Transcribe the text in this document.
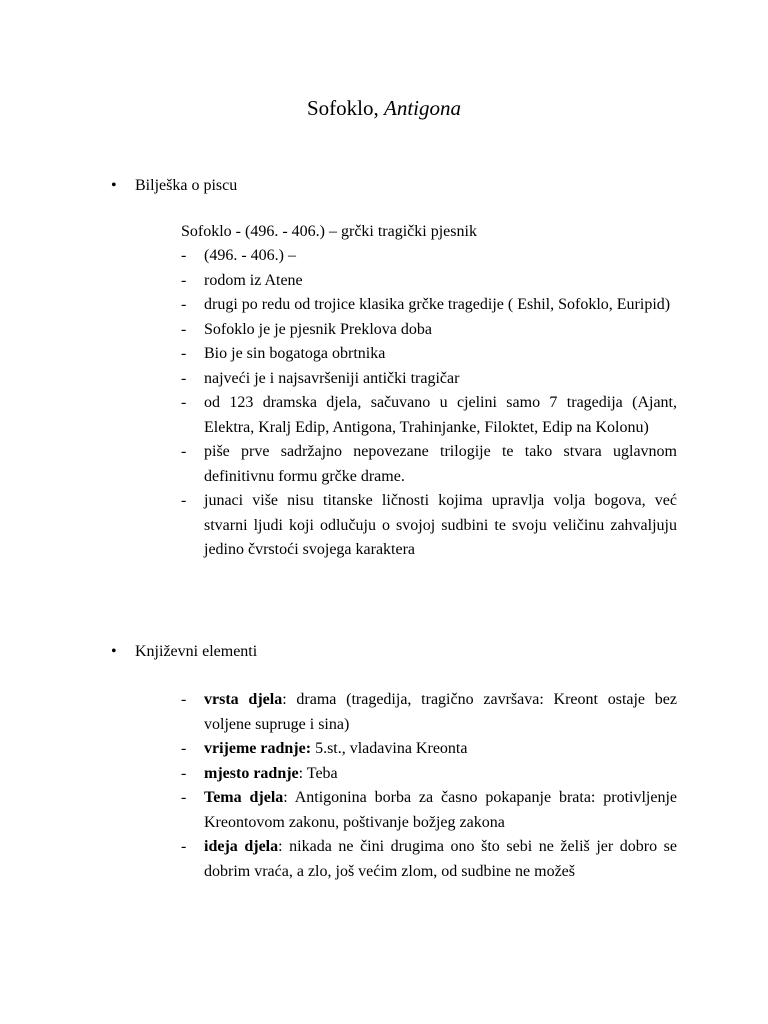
Sofoklo, Antigona
• Bilješka o piscu
Sofoklo - (496. - 406.) – grčki tragički pjesnik
- (496. - 406.) –
- rodom iz Atene
- drugi po redu od trojice klasika grčke tragedije ( Eshil, Sofoklo, Euripid)
- Sofoklo je je pjesnik Preklova doba
- Bio je sin bogatoga obrtnika
- najveći je i najsavršeniji antički tragičar
- od 123 dramska djela, sačuvano u cjelini samo 7 tragedija (Ajant, Elektra, Kralj Edip, Antigona, Trahinjanke, Filoktet, Edip na Kolonu)
- piše prve sadržajno nepovezane trilogije te tako stvara uglavnom definitivnu formu grčke drame.
- junaci više nisu titanske ličnosti kojima upravlja volja bogova, već stvarni ljudi koji odlučuju o svojoj sudbini te svoju veličinu zahvaljuju jedino čvrstoći svojega karaktera
• Književni elementi
- vrsta djela: drama (tragedija, tragično završava: Kreont ostaje bez voljene supruge i sina)
- vrijeme radnje: 5.st., vladavina Kreonta
- mjesto radnje: Teba
- Tema djela: Antigonina borba za časno pokapanje brata: protivljenje Kreontovom zakonu, poštivanje božjeg zakona
- ideja djela: nikada ne čini drugima ono što sebi ne želiš jer dobro se dobrim vraća, a zlo, još većim zlom, od sudbine ne možeš
